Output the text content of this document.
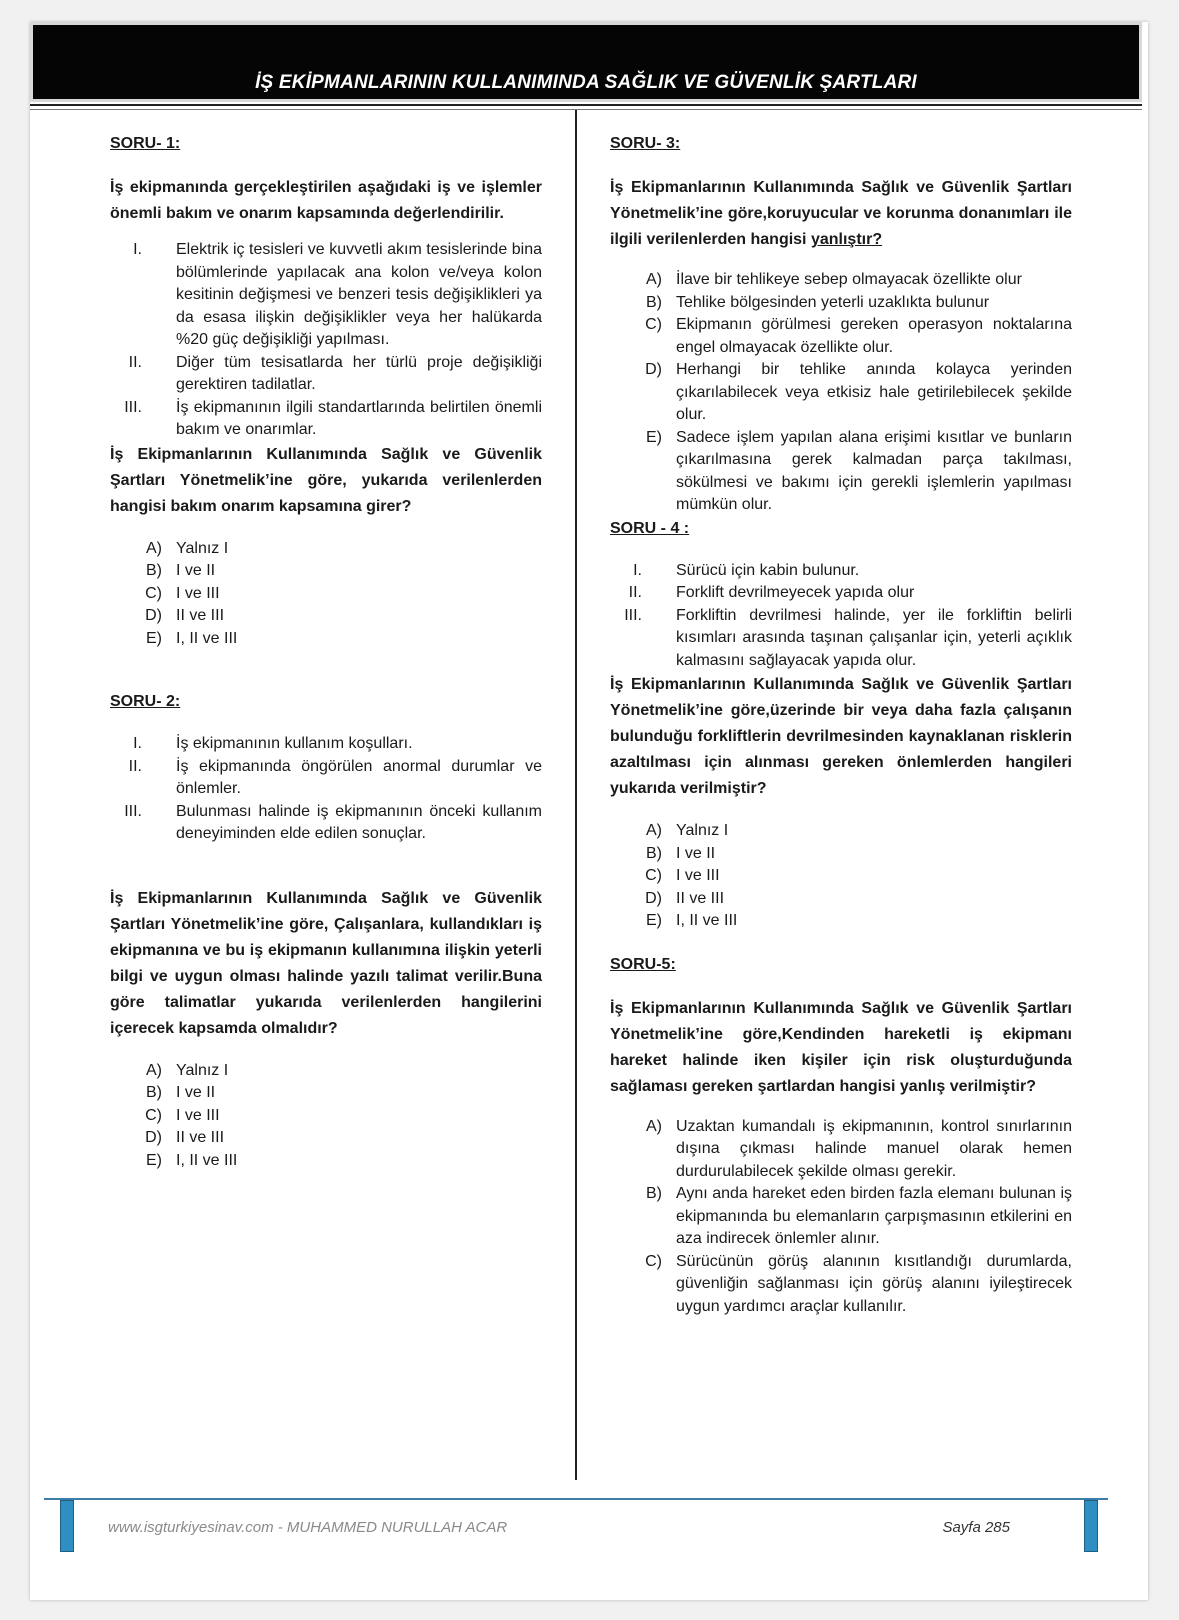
İŞ EKİPMANLARININ KULLANIMINDA SAĞLIK VE GÜVENLİK ŞARTLARI
SORU- 1:
İş ekipmanında gerçekleştirilen aşağıdaki iş ve işlemler önemli bakım ve onarım kapsamında değerlendirilir.
I.	Elektrik iç tesisleri ve kuvvetli akım tesislerinde bina bölümlerinde yapılacak ana kolon ve/veya kolon kesitinin değişmesi ve benzeri tesis değişiklikleri ya da esasa ilişkin değişiklikler veya her halükarda %20 güç değişikliği yapılması.
II.	Diğer tüm tesisatlarda her türlü proje değişikliği gerektiren tadilatlar.
III.	İş ekipmanının ilgili standartlarında belirtilen önemli bakım ve onarımlar.
İş Ekipmanlarının Kullanımında Sağlık ve Güvenlik Şartları Yönetmelik’ine göre, yukarıda verilenlerden hangisi bakım onarım kapsamına girer?
A) Yalnız I
B) I ve II
C) I ve III
D) II ve III
E) I, II ve III
SORU- 2:
I.	İş ekipmanının kullanım koşulları.
II.	İş ekipmanında öngörülen anormal durumlar ve önlemler.
III.	Bulunması halinde iş ekipmanının önceki kullanım deneyiminden elde edilen sonuçlar.
İş Ekipmanlarının Kullanımında Sağlık ve Güvenlik Şartları Yönetmelik’ine göre, Çalışanlara, kullandıkları iş ekipmanına ve bu iş ekipmanın kullanımına ilişkin yeterli bilgi ve uygun olması halinde yazılı talimat verilir.Buna göre talimatlar yukarıda verilenlerden hangilerini içerecek kapsamda olmalıdır?
A) Yalnız I
B) I ve II
C) I ve III
D) II ve III
E) I, II ve III
SORU- 3:
İş Ekipmanlarının Kullanımında Sağlık ve Güvenlik Şartları Yönetmelik’ine göre,koruyucular ve korunma donanımları ile ilgili verilenlerden hangisi yanlıştır?
A) İlave bir tehlikeye sebep olmayacak özellikte olur
B) Tehlike bölgesinden yeterli uzaklıkta bulunur
C) Ekipmanın görülmesi gereken operasyon noktalarına engel olmayacak özellikte olur.
D) Herhangi bir tehlike anında kolayca yerinden çıkarılabilecek veya etkisiz hale getirilebilecek şekilde olur.
E) Sadece işlem yapılan alana erişimi kısıtlar ve bunların çıkarılmasına gerek kalmadan parça takılması, sökülmesi ve bakımı için gerekli işlemlerin yapılması mümkün olur.
SORU - 4 :
I.	Sürücü için kabin bulunur.
II.	Forklift devrilmeyecek yapıda olur
III.	Forkliftin devrilmesi halinde, yer ile forkliftin belirli kısımları arasında taşınan çalışanlar için, yeterli açıklık kalmasını sağlayacak yapıda olur.
İş Ekipmanlarının Kullanımında Sağlık ve Güvenlik Şartları Yönetmelik’ine göre,üzerinde bir veya daha fazla çalışanın bulunduğu forkliftlerin devrilmesinden kaynaklanan risklerin azaltılması için alınması gereken önlemlerden hangileri yukarıda verilmiştir?
A) Yalnız I
B) I ve II
C) I ve III
D) II ve III
E) I, II ve III
SORU-5:
İş Ekipmanlarının Kullanımında Sağlık ve Güvenlik Şartları Yönetmelik’ine göre,Kendinden hareketli iş ekipmanı hareket halinde iken kişiler için risk oluşturduğunda sağlaması gereken şartlardan hangisi yanlış verilmiştir?
A) Uzaktan kumandalı iş ekipmanının, kontrol sınırlarının dışına çıkması halinde manuel olarak hemen durdurulabilecek şekilde olması gerekir.
B) Aynı anda hareket eden birden fazla elemanı bulunan iş ekipmanında bu elemanların çarpışmasının etkilerini en aza indirecek önlemler alınır.
C) Sürücünün görüş alanının kısıtlandığı durumlarda, güvenliğin sağlanması için görüş alanını iyileştirecek uygun yardımcı araçlar kullanılır.
www.isgturkiyesinav.com - MUHAMMED NURULLAH ACAR	Sayfa 285
